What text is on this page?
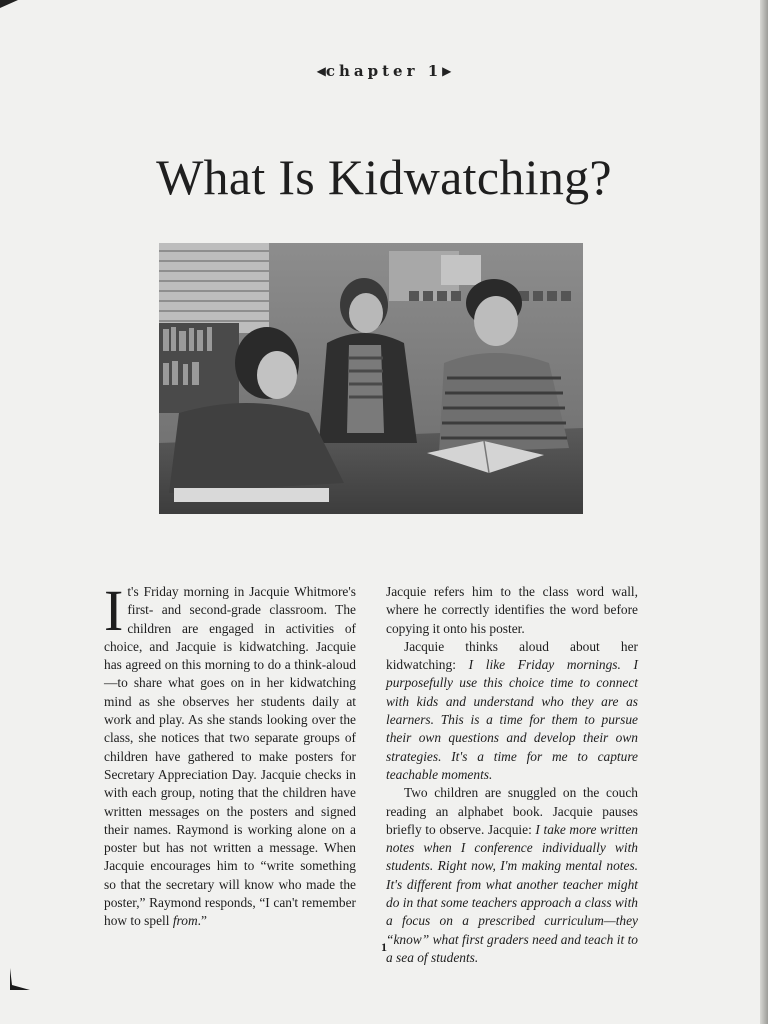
◀chapter 1▶
What Is Kidwatching?

It's Friday morning in Jacquie Whitmore's first- and second-grade classroom. The children are engaged in activities of choice, and Jacquie is kidwatching. Jacquie has agreed on this morning to do a think-aloud—to share what goes on in her kidwatching mind as she observes her students daily at work and play. As she stands looking over the class, she notices that two separate groups of children have gathered to make posters for Secretary Appreciation Day. Jacquie checks in with each group, noting that the children have written messages on the posters and signed their names. Raymond is working alone on a poster but has not written a message. When Jacquie encourages him to “write something so that the secretary will know who made the poster,” Raymond responds, “I can't remember how to spell from.”

Jacquie refers him to the class word wall, where he correctly identifies the word before copying it onto his poster.

Jacquie thinks aloud about her kidwatching: I like Friday mornings. I purposefully use this choice time to connect with kids and understand who they are as learners. This is a time for them to pursue their own questions and develop their own strategies. It's a time for me to capture teachable moments.

Two children are snuggled on the couch reading an alphabet book. Jacquie pauses briefly to observe. Jacquie: I take more written notes when I conference individually with students. Right now, I'm making mental notes. It's different from what another teacher might do in that some teachers approach a class with a focus on a prescribed curriculum—they “know” what first graders need and teach it to a sea of students.

1
